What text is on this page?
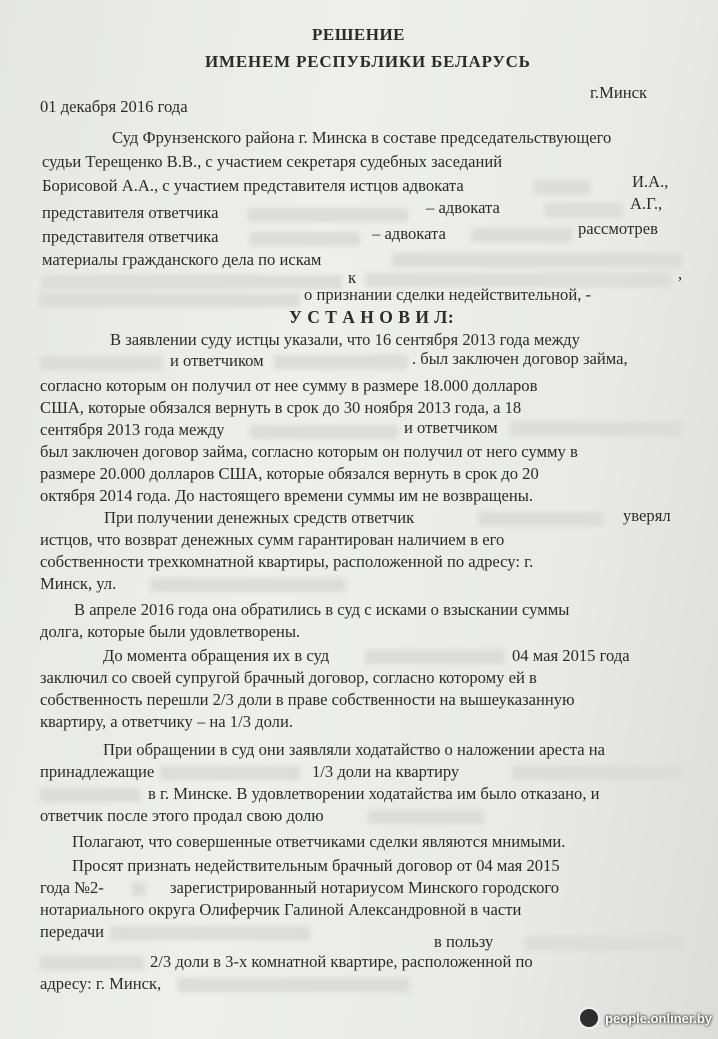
РЕШЕНИЕ
ИМЕНЕМ РЕСПУБЛИКИ БЕЛАРУСЬ
г.Минск
01 декабря 2016 года
Суд Фрунзенского района г. Минска в составе председательствующего
судьи Терещенко В.В., с участием секретаря судебных заседаний
Борисовой А.А., с участием представителя истцов адвоката	И.А.,
представителя ответчика	– адвоката	А.Г.,
представителя ответчика	– адвоката	рассмотрев
материалы гражданского дела по искам
к	,
о признании сделки недействительной, -
У С Т А Н О В И Л:
В заявлении суду истцы указали, что 16 сентября 2013 года между
и ответчиком	. был заключен договор займа,
согласно которым он получил от нее сумму в размере 18.000 долларов
США, которые обязался вернуть в срок до 30 ноября 2013 года, а 18
сентября 2013 года между	и ответчиком
был заключен договор займа, согласно которым он получил от него сумму в
размере 20.000 долларов США, которые обязался вернуть в срок до 20
октября 2014 года. До настоящего времени суммы им не возвращены.
При получении денежных средств ответчик	уверял
истцов, что возврат денежных сумм гарантирован наличием в его
собственности трехкомнатной квартиры, расположенной по адресу: г.
Минск, ул.
В апреле 2016 года она обратились в суд с исками о взыскании суммы
долга, которые были удовлетворены.
До момента обращения их в суд	04 мая 2015 года
заключил со своей супругой брачный договор, согласно которому ей в
собственность перешли 2/3 доли в праве собственности на вышеуказанную
квартиру, а ответчику – на 1/3 доли.
При обращении в суд они заявляли ходатайство о наложении ареста на
принадлежащие	1/3 доли на квартиру
в г. Минске. В удовлетворении ходатайства им было отказано, и
ответчик после этого продал свою долю
Полагают, что совершенные ответчиками сделки являются мнимыми.
Просят признать недействительным брачный договор от 04 мая 2015
года №2-	зарегистрированный нотариусом Минского городского
нотариального округа Олиферчик Галиной Александровной в части
передачи
в пользу
2/3 доли в 3-х комнатной квартире, расположенной по
адресу: г. Минск,
people.onliner.by
